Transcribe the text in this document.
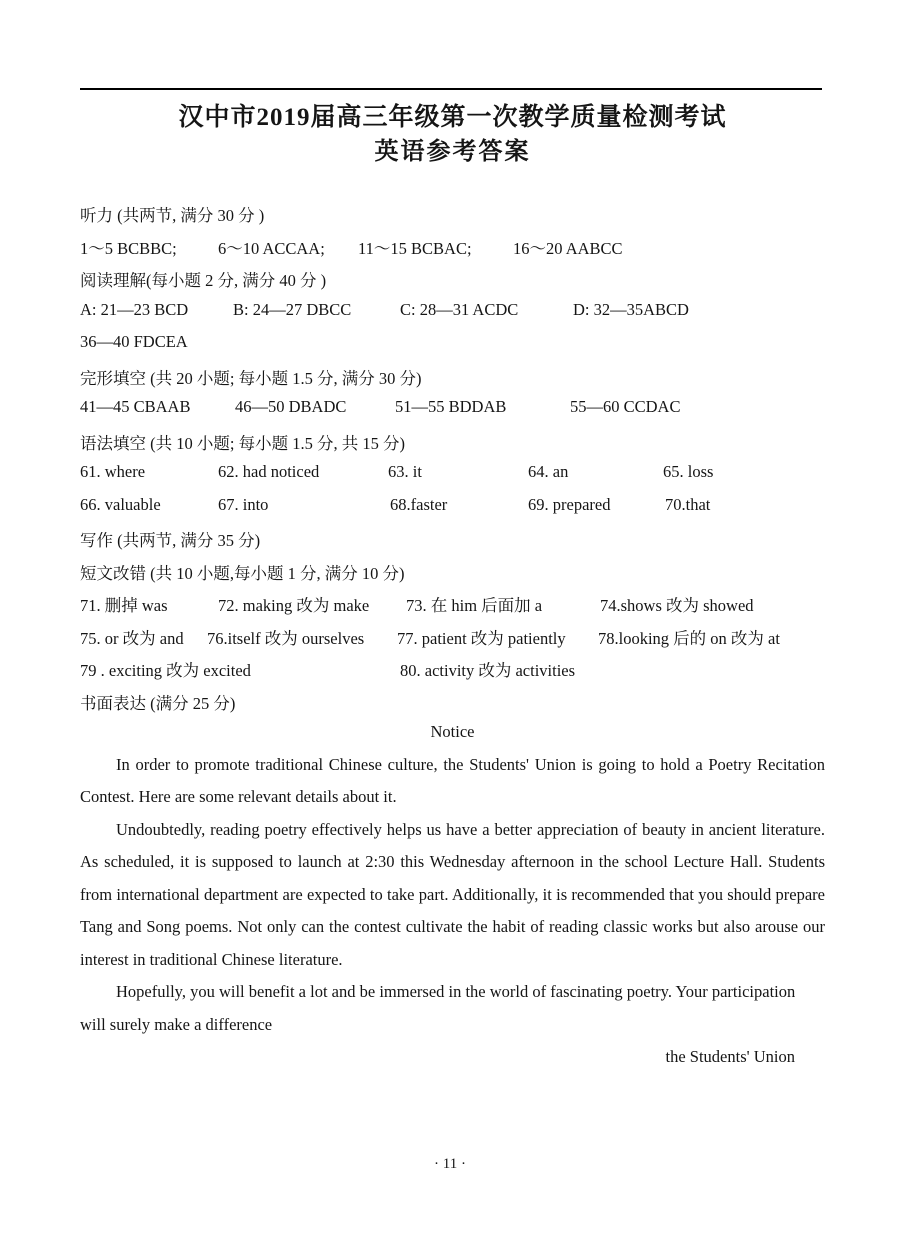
汉中市2019届高三年级第一次教学质量检测考试
英语参考答案
听力 (共两节, 满分 30 分 )
1～5 BCBBC;	6～10 ACCAA; 11～15 BCBAC;	16～20 AABCC
阅读理解(每小题 2 分, 满分 40 分 )
A: 21—23 BCD	B: 24—27 DBCC	C: 28—31 ACDC	D: 32—35ABCD
36—40 FDCEA
完形填空 (共 20 小题; 每小题 1.5 分, 满分 30 分)
41—45 CBAAB	46—50 DBADC	51—55 BDDAB	55—60 CCDAC
语法填空 (共 10 小题; 每小题 1.5 分, 共 15 分)
61. where	62. had noticed	63. it	64. an	65. loss
66. valuable	67. into	68.faster	69. prepared	70.that
写作 (共两节, 满分 35 分)
短文改错 (共 10 小题,每小题 1 分, 满分 10 分)
71. 删掉 was	72. making 改为 make 73. 在 him 后面加 a	74.shows 改为 showed
75. or 改为 and 76.itself 改为 ourselves 77. patient 改为 patiently 78.looking 后的 on 改为 at
79 . exciting 改为 excited	80. activity 改为 activities
书面表达 (满分 25 分)
Notice

In order to promote traditional Chinese culture, the Students' Union is going to hold a Poetry Recitation Contest. Here are some relevant details about it.

Undoubtedly, reading poetry effectively helps us have a better appreciation of beauty in ancient literature. As scheduled, it is supposed to launch at 2:30 this Wednesday afternoon in the school Lecture Hall. Students from international department are expected to take part. Additionally, it is recommended that you should prepare Tang and Song poems. Not only can the contest cultivate the habit of reading classic works but also arouse our interest in traditional Chinese literature.

Hopefully, you will benefit a lot and be immersed in the world of fascinating poetry. Your participation will surely make a difference

the Students' Union
· 11 ·
